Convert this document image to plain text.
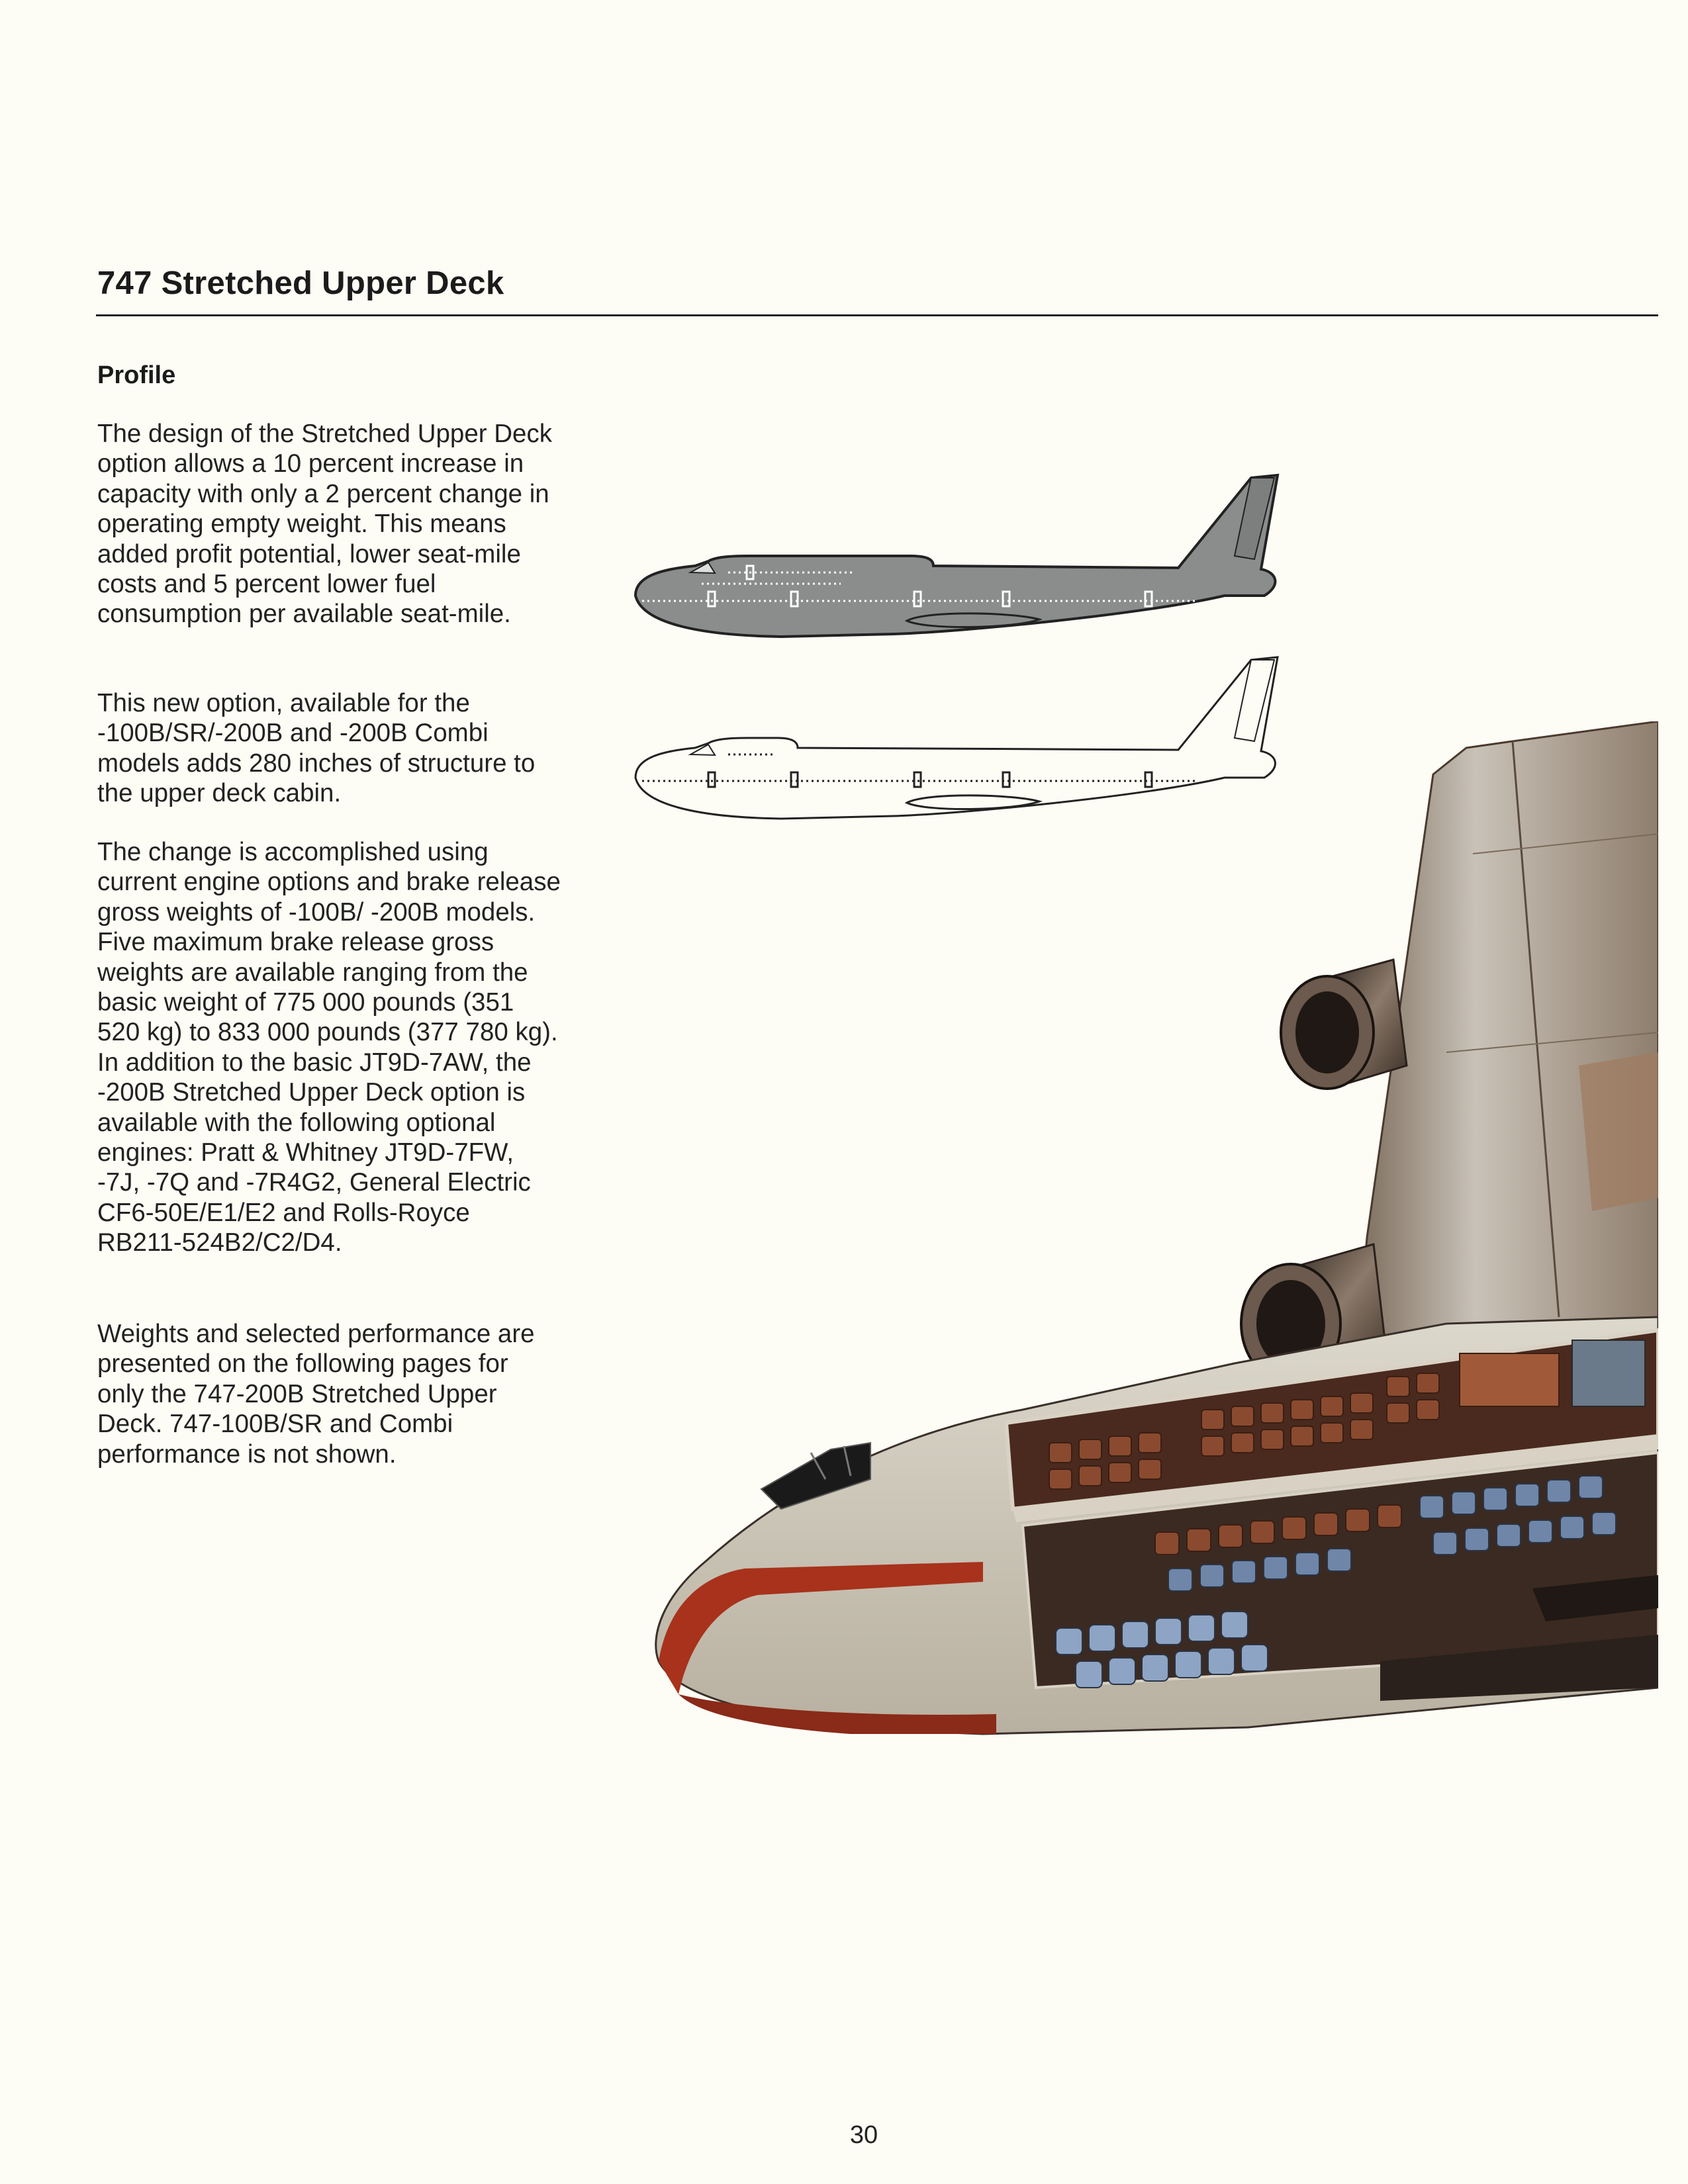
747 Stretched Upper Deck
Profile

The design of the Stretched Upper Deck option allows a 10 percent increase in capacity with only a 2 percent change in operating empty weight. This means added profit potential, lower seat-mile costs and 5 percent lower fuel consumption per available seat-mile.

This new option, available for the -100B/SR/-200B and -200B Combi models adds 280 inches of structure to the upper deck cabin.

The change is accomplished using current engine options and brake release gross weights of -100B/ -200B models. Five maximum brake release gross weights are available ranging from the basic weight of 775 000 pounds (351 520 kg) to 833 000 pounds (377 780 kg). In addition to the basic JT9D-7AW, the -200B Stretched Upper Deck option is available with the following optional engines: Pratt & Whitney JT9D-7FW, -7J, -7Q and -7R4G2, General Electric CF6-50E/E1/E2 and Rolls-Royce RB211-524B2/C2/D4.

Weights and selected performance are presented on the following pages for only the 747-200B Stretched Upper Deck. 747-100B/SR and Combi performance is not shown.

30
